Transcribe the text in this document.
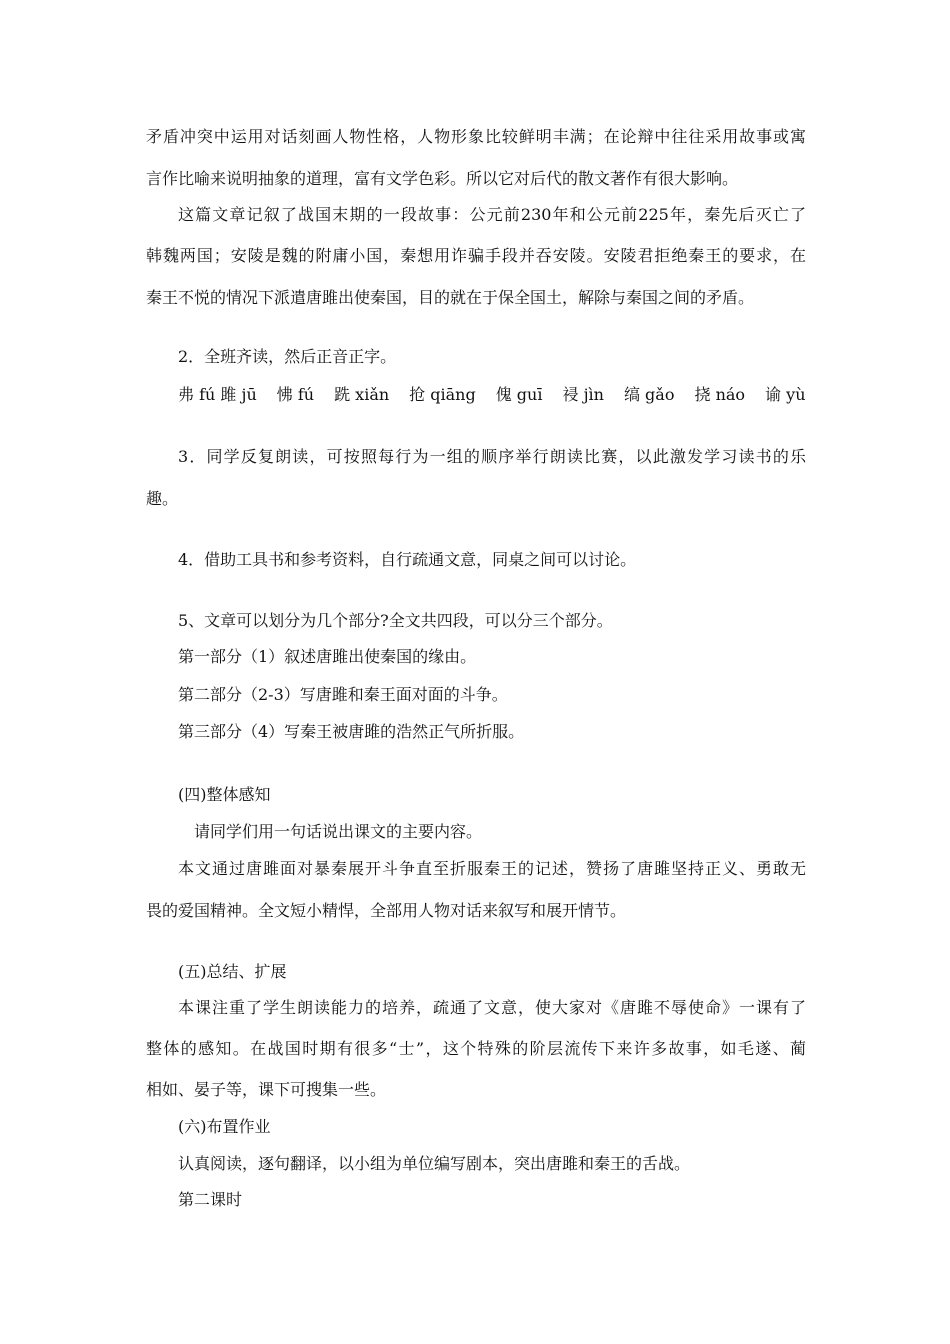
矛盾冲突中运用对话刻画人物性格，人物形象比较鲜明丰满；在论辩中往往采用故事或寓
言作比喻来说明抽象的道理，富有文学色彩。所以它对后代的散文著作有很大影响。
这篇文章记叙了战国末期的一段故事：公元前230年和公元前225年，秦先后灭亡了
韩魏两国；安陵是魏的附庸小国，秦想用诈骗手段并吞安陵。安陵君拒绝秦王的要求，在
秦王不悦的情况下派遣唐雎出使秦国，目的就在于保全国土，解除与秦国之间的矛盾。
2．全班齐读，然后正音正字。
弗 fú 雎 jū 怫 fú 跣 xiǎn 抢 qiāng 傀 guī 祲 jìn 缟 gǎo 挠 náo 谕 yù
3．同学反复朗读，可按照每行为一组的顺序举行朗读比赛，以此激发学习读书的乐
趣。
4．借助工具书和参考资料，自行疏通文意，同桌之间可以讨论。
5、文章可以划分为几个部分?全文共四段，可以分三个部分。
第一部分（1）叙述唐雎出使秦国的缘由。
第二部分（2-3）写唐雎和秦王面对面的斗争。
第三部分（4）写秦王被唐雎的浩然正气所折服。
(四)整体感知
请同学们用一句话说出课文的主要内容。
本文通过唐雎面对暴秦展开斗争直至折服秦王的记述，赞扬了唐雎坚持正义、勇敢无
畏的爱国精神。全文短小精悍，全部用人物对话来叙写和展开情节。
(五)总结、扩展
本课注重了学生朗读能力的培养，疏通了文意，使大家对《唐雎不辱使命》一课有了
整体的感知。在战国时期有很多“士”，这个特殊的阶层流传下来许多故事，如毛遂、蔺
相如、晏子等，课下可搜集一些。
(六)布置作业
认真阅读，逐句翻译，以小组为单位编写剧本，突出唐雎和秦王的舌战。
第二课时
